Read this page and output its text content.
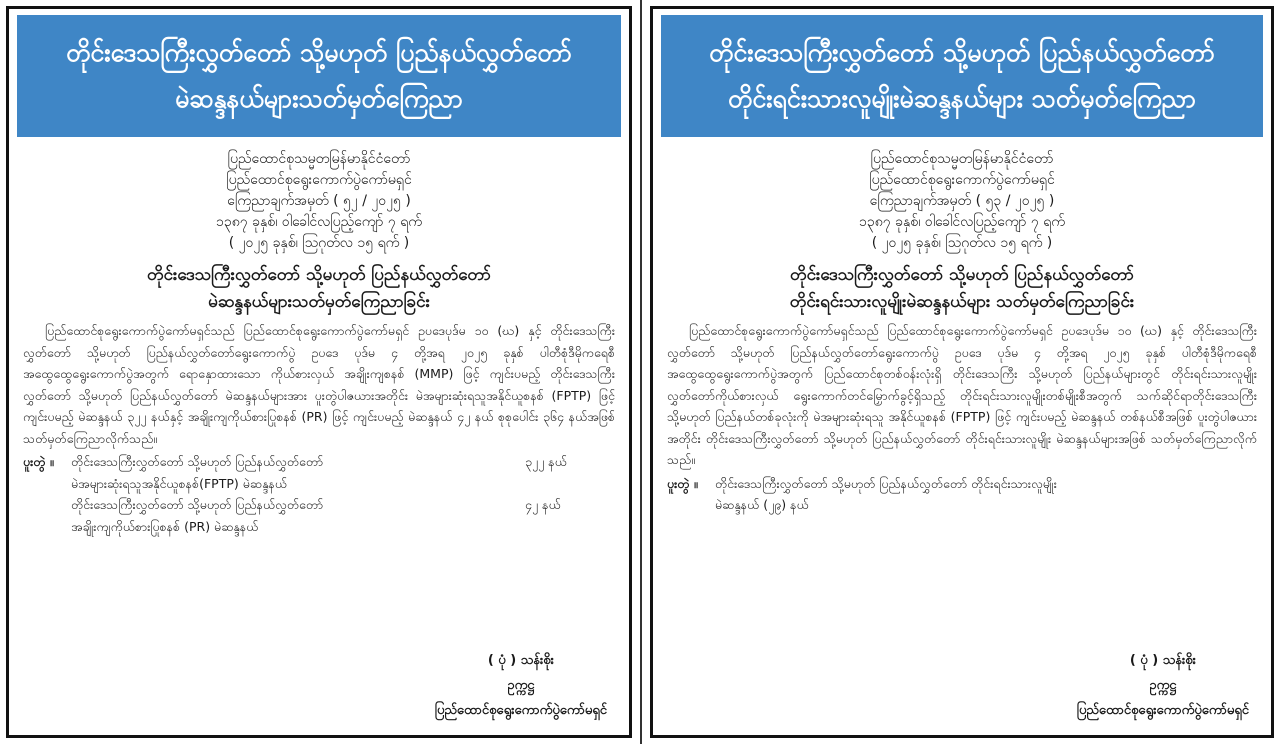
တိုင်းဒေသကြီးလွှတ်တော် သို့မဟုတ် ပြည်နယ်လွှတ်တော်
မဲဆန္ဒနယ်များသတ်မှတ်ကြေညာ
ပြည်ထောင်စုသမ္မတမြန်မာနိုင်ငံတော်
ပြည်ထောင်စုရွေးကောက်ပွဲကော်မရှင်
ကြေညာချက်အမှတ် ( ၅၂ / ၂၀၂၅ )
၁၃၈၇ ခုနှစ်၊ ဝါခေါင်လပြည့်ကျော် ၇ ရက်
( ၂၀၂၅ ခုနှစ်၊ ဩဂုတ်လ ၁၅ ရက် )
တိုင်းဒေသကြီးလွှတ်တော် သို့မဟုတ် ပြည်နယ်လွှတ်တော်
မဲဆန္ဒနယ်များသတ်မှတ်ကြေညာခြင်း

ပြည်ထောင်စုရွေးကောက်ပွဲကော်မရှင်သည် ပြည်ထောင်စုရွေးကောက်ပွဲကော်မရှင် ဥပဒေပုဒ်မ ၁၀ (ဃ) နှင့် တိုင်းဒေသကြီးလွှတ်တော် သို့မဟုတ် ပြည်နယ်လွှတ်တော်ရွေးကောက်ပွဲ ဥပဒေ ပုဒ်မ ၄ တို့အရ ၂၀၂၅ ခုနှစ် ပါတီစုံဒီမိုကရေစီအထွေထွေရွေးကောက်ပွဲအတွက် ရောနှောထားသော ကိုယ်စားလှယ် အချိုးကျစနစ် (MMP) ဖြင့် ကျင်းပမည့် တိုင်းဒေသကြီးလွှတ်တော် သို့မဟုတ် ပြည်နယ်လွှတ်တော် မဲဆန္ဒနယ်များအား ပူးတွဲပါဇယားအတိုင်း မဲအများဆုံးရသူအနိုင်ယူစနစ် (FPTP) ဖြင့် ကျင်းပမည့် မဲဆန္ဒနယ် ၃၂၂ နယ်နှင့် အချိုးကျကိုယ်စားပြုစနစ် (PR) ဖြင့် ကျင်းပမည့် မဲဆန္ဒနယ် ၄၂ နယ် စုစုပေါင်း ၃၆၄ နယ်အဖြစ် သတ်မှတ်ကြေညာလိုက်သည်။

ပူးတွဲ ။	တိုင်းဒေသကြီးလွှတ်တော် သို့မဟုတ် ပြည်နယ်လွှတ်တော်	၃၂၂ နယ်
မဲအများဆုံးရသူအနိုင်ယူစနစ်(FPTP) မဲဆန္ဒနယ်
တိုင်းဒေသကြီးလွှတ်တော် သို့မဟုတ် ပြည်နယ်လွှတ်တော်	၄၂ နယ်
အချိုးကျကိုယ်စားပြုစနစ် (PR) မဲဆန္ဒနယ်
( ပုံ ) သန်းစိုး
ဥက္ကဋ္ဌ
ပြည်ထောင်စုရွေးကောက်ပွဲကော်မရှင်
တိုင်းဒေသကြီးလွှတ်တော် သို့မဟုတ် ပြည်နယ်လွှတ်တော်
တိုင်းရင်းသားလူမျိုးမဲဆန္ဒနယ်များ သတ်မှတ်ကြေညာ
ပြည်ထောင်စုသမ္မတမြန်မာနိုင်ငံတော်
ပြည်ထောင်စုရွေးကောက်ပွဲကော်မရှင်
ကြေညာချက်အမှတ် ( ၅၃ / ၂၀၂၅ )
၁၃၈၇ ခုနှစ်၊ ဝါခေါင်လပြည့်ကျော် ၇ ရက်
( ၂၀၂၅ ခုနှစ်၊ ဩဂုတ်လ ၁၅ ရက် )
တိုင်းဒေသကြီးလွှတ်တော် သို့မဟုတ် ပြည်နယ်လွှတ်တော်
တိုင်းရင်းသားလူမျိုးမဲဆန္ဒနယ်များ သတ်မှတ်ကြေညာခြင်း

ပြည်ထောင်စုရွေးကောက်ပွဲကော်မရှင်သည် ပြည်ထောင်စုရွေးကောက်ပွဲကော်မရှင် ဥပဒေပုဒ်မ ၁၀ (ဃ) နှင့် တိုင်းဒေသကြီးလွှတ်တော် သို့မဟုတ် ပြည်နယ်လွှတ်တော်ရွေးကောက်ပွဲ ဥပဒေ ပုဒ်မ ၄ တို့အရ ၂၀၂၅ ခုနှစ် ပါတီစုံဒီမိုကရေစီအထွေထွေရွေးကောက်ပွဲအတွက် ပြည်ထောင်စုတစ်ဝန်းလုံးရှိ တိုင်းဒေသကြီး သို့မဟုတ် ပြည်နယ်များတွင် တိုင်းရင်းသားလူမျိုးလွှတ်တော်ကိုယ်စားလှယ် ရွေးကောက်တင်မြှောက်ခွင့်ရှိသည့် တိုင်းရင်းသားလူမျိုးတစ်မျိုးစီအတွက် သက်ဆိုင်ရာတိုင်းဒေသကြီး သို့မဟုတ် ပြည်နယ်တစ်ခုလုံးကို မဲအများဆုံးရသူ အနိုင်ယူစနစ် (FPTP) ဖြင့် ကျင်းပမည့် မဲဆန္ဒနယ် တစ်နယ်စီအဖြစ် ပူးတွဲပါဇယားအတိုင်း တိုင်းဒေသကြီးလွှတ်တော် သို့မဟုတ် ပြည်နယ်လွှတ်တော် တိုင်းရင်းသားလူမျိုး မဲဆန္ဒနယ်များအဖြစ် သတ်မှတ်ကြေညာလိုက်သည်။

ပူးတွဲ ။	တိုင်းဒေသကြီးလွှတ်တော် သို့မဟုတ် ပြည်နယ်လွှတ်တော် တိုင်းရင်းသားလူမျိုး
မဲဆန္ဒနယ် (၂၉) နယ်
( ပုံ ) သန်းစိုး
ဥက္ကဋ္ဌ
ပြည်ထောင်စုရွေးကောက်ပွဲကော်မရှင်
